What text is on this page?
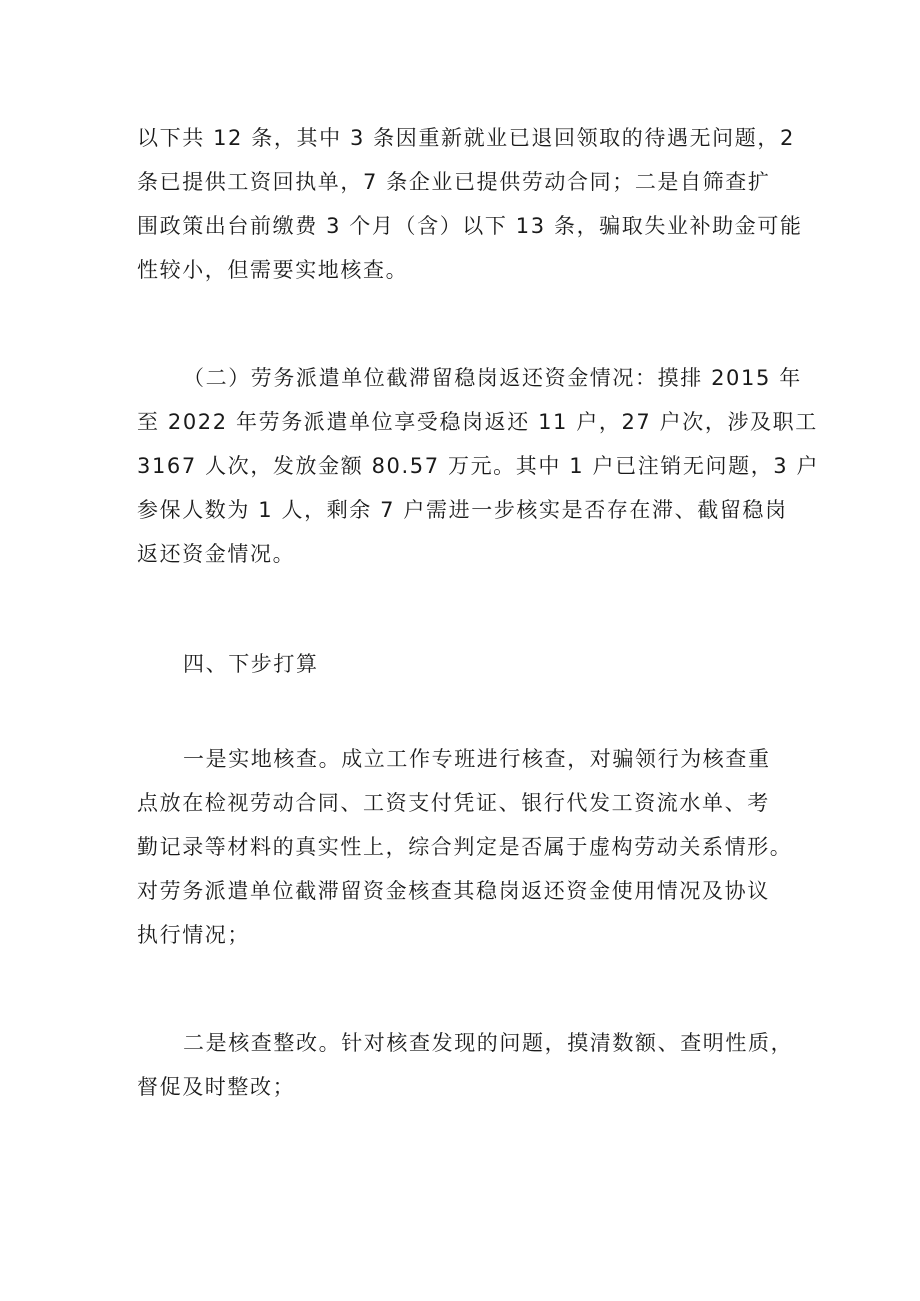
以下共 12 条，其中 3 条因重新就业已退回领取的待遇无问题，2
条已提供工资回执单，7 条企业已提供劳动合同；二是自筛查扩
围政策出台前缴费 3 个月（含）以下 13 条，骗取失业补助金可能
性较小，但需要实地核查。
（二）劳务派遣单位截滞留稳岗返还资金情况：摸排 2015 年
至 2022 年劳务派遣单位享受稳岗返还 11 户，27 户次，涉及职工
3167 人次，发放金额 80.57 万元。其中 1 户已注销无问题，3 户
参保人数为 1 人，剩余 7 户需进一步核实是否存在滞、截留稳岗
返还资金情况。
四、下步打算
一是实地核查。成立工作专班进行核查，对骗领行为核查重
点放在检视劳动合同、工资支付凭证、银行代发工资流水单、考
勤记录等材料的真实性上，综合判定是否属于虚构劳动关系情形。
对劳务派遣单位截滞留资金核查其稳岗返还资金使用情况及协议
执行情况；
二是核查整改。针对核查发现的问题，摸清数额、查明性质，
督促及时整改；
